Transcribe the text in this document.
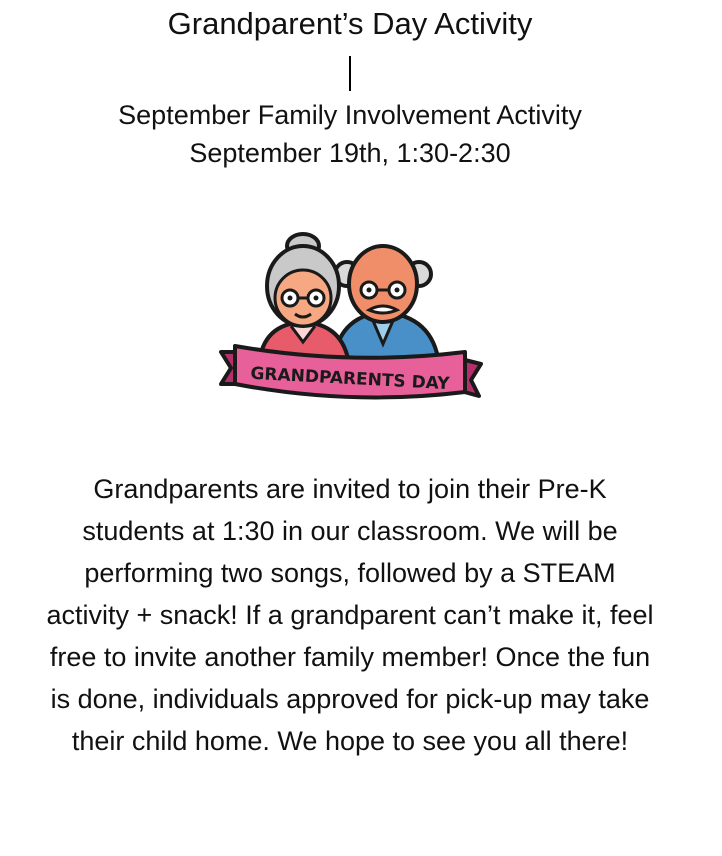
Grandparent’s Day Activity
September Family Involvement Activity
September 19th, 1:30-2:30
GRANDPARENTS DAY
Grandparents are invited to join their Pre-K students at 1:30 in our classroom. We will be performing two songs, followed by a STEAM activity + snack! If a grandparent can’t make it, feel free to invite another family member! Once the fun is done, individuals approved for pick-up may take their child home. We hope to see you all there!
